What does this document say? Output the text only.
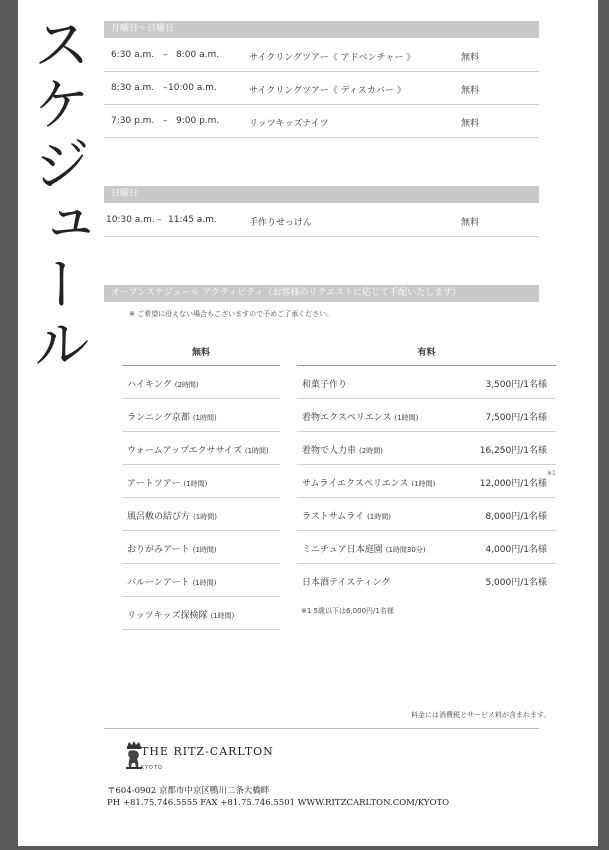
スケジュール	月曜日～日曜日
6:30 a.m. – 8:00 a.m.	サイクリングツアー《 アドベンチャー 》	無料
8:30 a.m. – 10:00 a.m.	サイクリングツアー《 ディスカバー 》	無料
7:30 p.m. – 9:00 p.m.	リッツキッズナイツ	無料
日曜日
10:30 a.m. – 11:45 a.m.	手作りせっけん	無料
オープンスケジュール アクティビティ（お客様のリクエストに応じて手配いたします）
※ ご希望に沿えない場合もございますので予めご了承ください。
無料	有料
ハイキング (2時間)
ランニング京都 (1時間)
ウォームアップエクササイズ (1時間)
アートツアー (1時間)
風呂敷の結び方 (1時間)
おりがみアート (1時間)
バルーンアート (1時間)
リッツキッズ探検隊 (1時間)
和菓子作り	3,500円/1名様
着物エクスペリエンス (1時間)	7,500円/1名様
着物で人力車 (2時間)	16,250円/1名様
サムライエクスペリエンス (1時間)	12,000円/1名様
※1
ラストサムライ (1時間)	8,000円/1名様
ミニチュア日本庭園 (1時間30分)	4,000円/1名様
日本酒テイスティング	5,000円/1名様
※1 5歳以下は6,000円/1名様
料金には消費税とサービス料が含まれます。
THE RITZ-CARLTON
KYOTO
〒604-0902 京都市中京区鴨川二条大橋畔
PH +81.75.746.5555 FAX +81.75.746.5501 WWW.RITZCARLTON.COM/KYOTO
